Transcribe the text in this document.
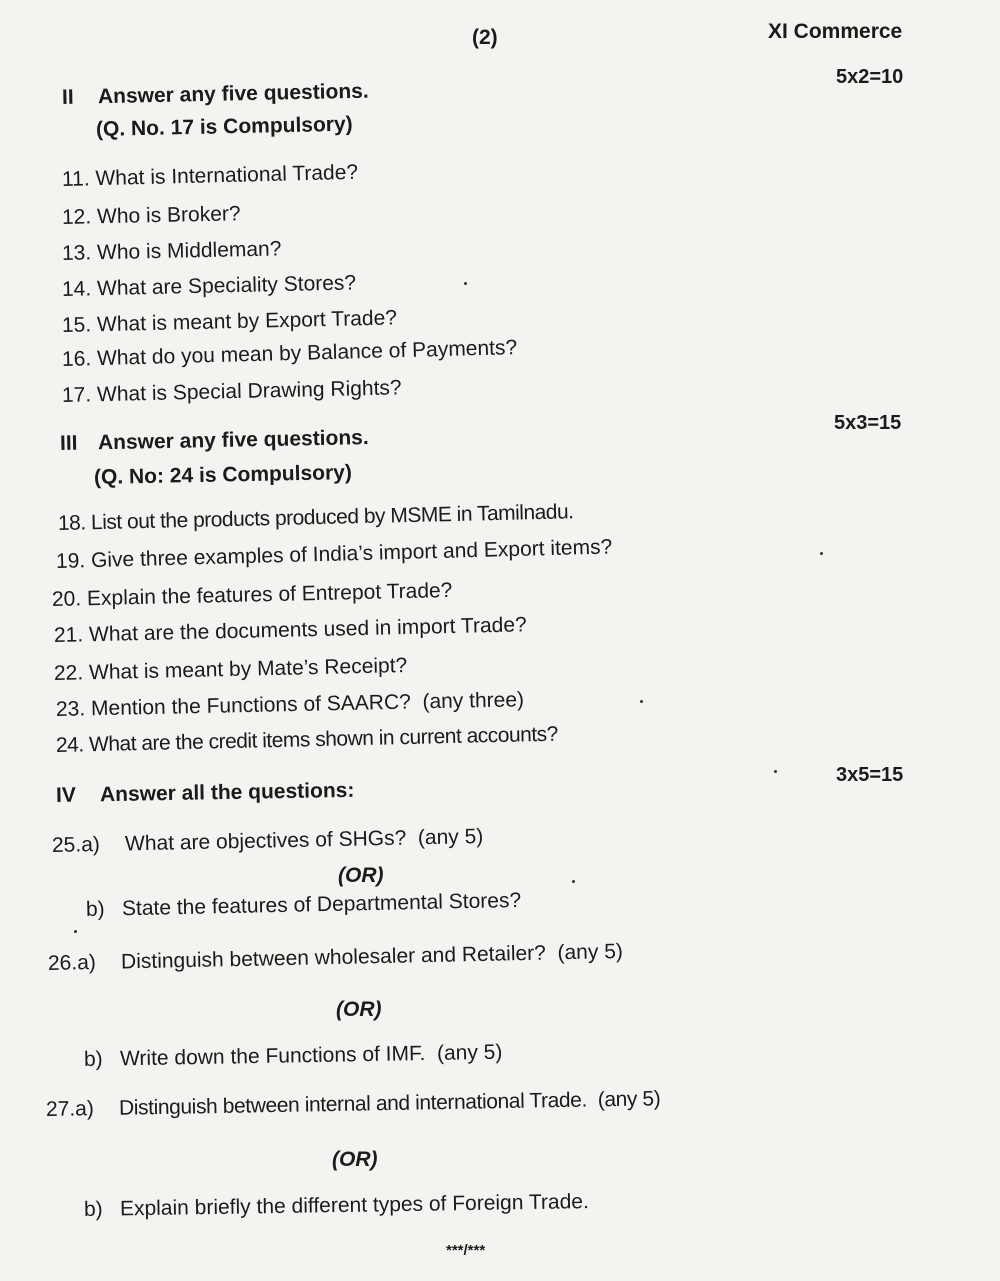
(2)	XI Commerce
5x2=10
II Answer any five questions.
(Q. No. 17 is Compulsory)
11. What is International Trade?
12. Who is Broker?
13. Who is Middleman?
14. What are Speciality Stores?
15. What is meant by Export Trade?
16. What do you mean by Balance of Payments?
17. What is Special Drawing Rights?
5x3=15
III Answer any five questions.
(Q. No: 24 is Compulsory)
18. List out the products produced by MSME in Tamilnadu.
19. Give three examples of India’s import and Export items?
20. Explain the features of Entrepot Trade?
21. What are the documents used in import Trade?
22. What is meant by Mate’s Receipt?
23. Mention the Functions of SAARC?  (any three)
24. What are the credit items shown in current accounts?
3x5=15
IV Answer all the questions:
25.a) What are objectives of SHGs?  (any 5)
(OR)
b) State the features of Departmental Stores?
26.a) Distinguish between wholesaler and Retailer?  (any 5)
(OR)
b) Write down the Functions of IMF.  (any 5)
27.a) Distinguish between internal and international Trade.  (any 5)
(OR)
b) Explain briefly the different types of Foreign Trade.
***/***
